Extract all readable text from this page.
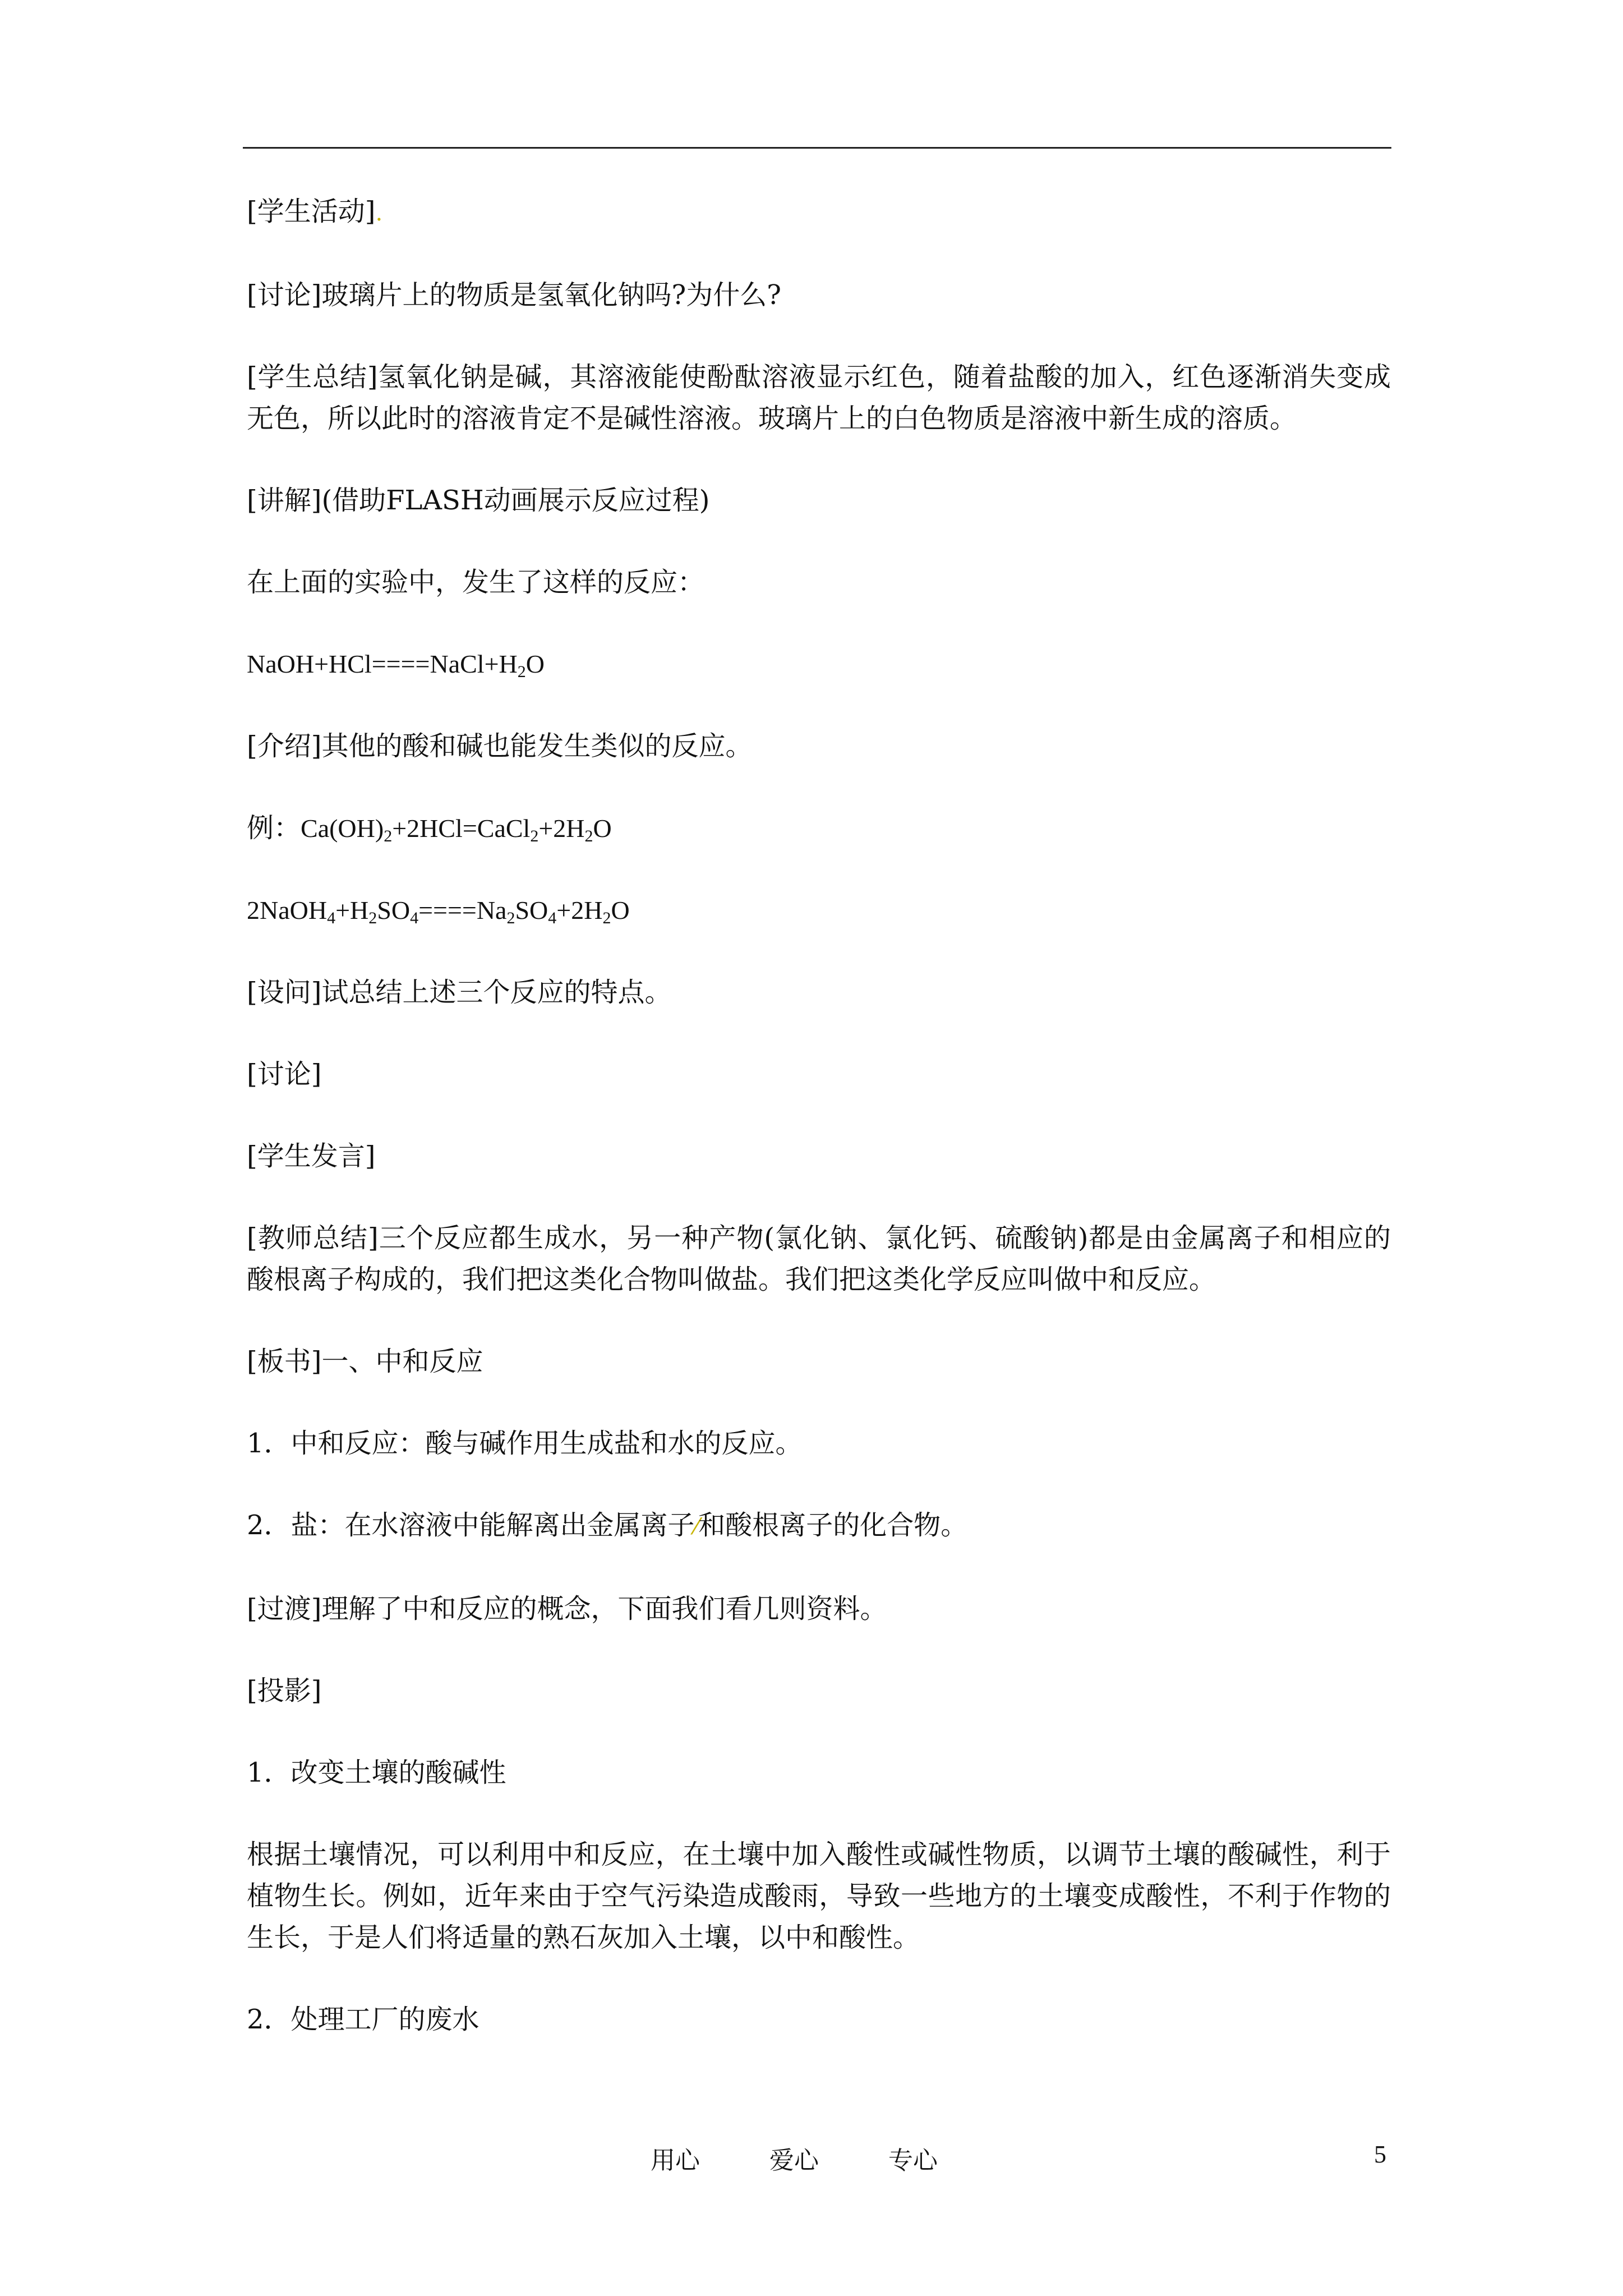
[学生活动].

[讨论]玻璃片上的物质是氢氧化钠吗?为什么?

[学生总结]氢氧化钠是碱，其溶液能使酚酞溶液显示红色，随着盐酸的加入，红色逐渐消失变成无色，所以此时的溶液肯定不是碱性溶液。玻璃片上的白色物质是溶液中新生成的溶质。

[讲解](借助FLASH动画展示反应过程)

在上面的实验中，发生了这样的反应：

$NaOH+HCl====NaCl+H_2O$

[介绍]其他的酸和碱也能发生类似的反应。

例：$Ca(OH)_2+2HCl=CaCl_2+2H_2O$

$2NaOH_4+H_2SO_4====Na_2SO_4+2H_2O$

[设问]试总结上述三个反应的特点。

[讨论]

[学生发言]

[教师总结]三个反应都生成水，另一种产物(氯化钠、氯化钙、硫酸钠)都是由金属离子和相应的酸根离子构成的，我们把这类化合物叫做盐。我们把这类化学反应叫做中和反应。

[板书]一、中和反应

1．中和反应：酸与碱作用生成盐和水的反应。

2．盐：在水溶液中能解离出金属离子⁄和酸根离子的化合物。

[过渡]理解了中和反应的概念，下面我们看几则资料。

[投影]

1．改变土壤的酸碱性

根据土壤情况，可以利用中和反应，在土壤中加入酸性或碱性物质，以调节土壤的酸碱性，利于植物生长。例如，近年来由于空气污染造成酸雨，导致一些地方的土壤变成酸性，不利于作物的生长，于是人们将适量的熟石灰加入土壤，以中和酸性。

2．处理工厂的废水

用心	爱心	专心	5
